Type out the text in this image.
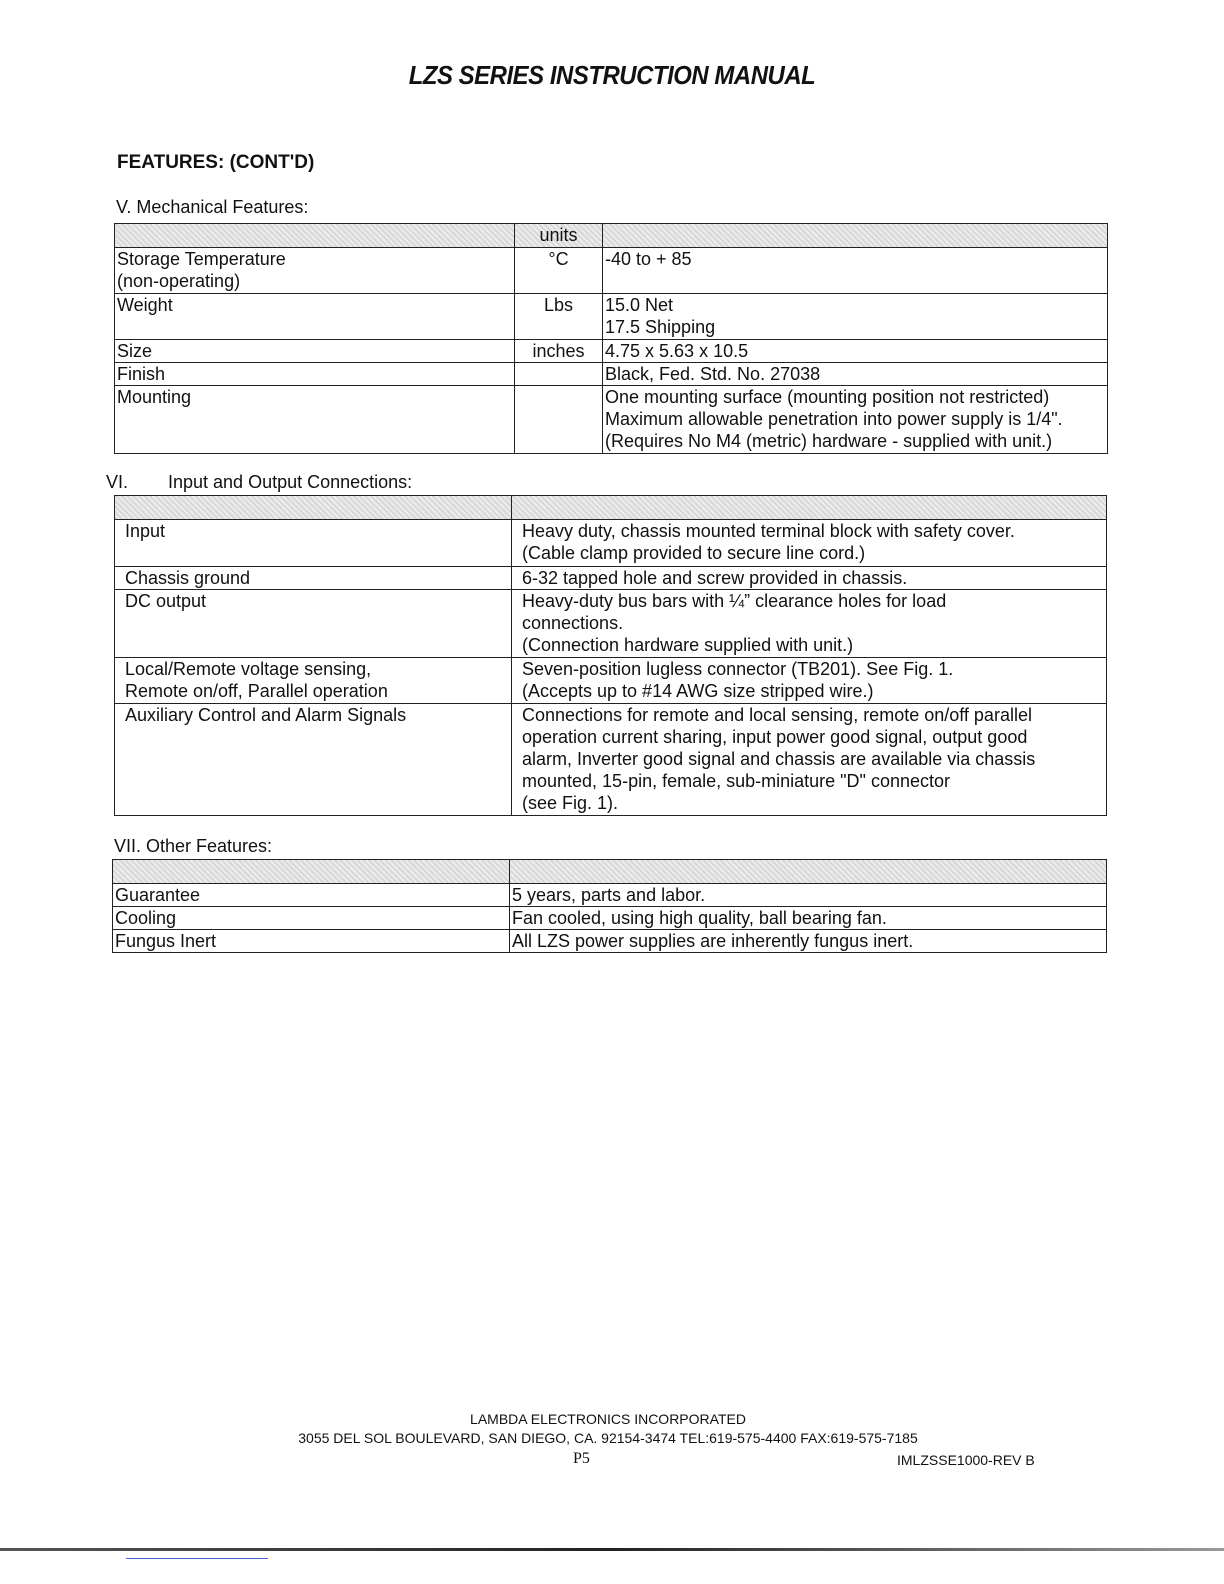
LZS SERIES INSTRUCTION MANUAL
FEATURES: (CONT'D)
V. Mechanical Features:
	units	
Storage Temperature
(non-operating)	°C	-40 to + 85
Weight	Lbs	15.0 Net
17.5 Shipping
Size	inches	4.75 x 5.63 x 10.5
Finish		Black, Fed. Std. No. 27038
Mounting		One mounting surface (mounting position not restricted)
Maximum allowable penetration into power supply is 1/4".
(Requires No M4 (metric) hardware - supplied with unit.)
VI. Input and Output Connections:

Input	Heavy duty, chassis mounted terminal block with safety cover.
(Cable clamp provided to secure line cord.)
Chassis ground	6-32 tapped hole and screw provided in chassis.
DC output	Heavy-duty bus bars with ¼” clearance holes for load
connections.
(Connection hardware supplied with unit.)
Local/Remote voltage sensing,
Remote on/off, Parallel operation	Seven-position lugless connector (TB201). See Fig. 1.
(Accepts up to #14 AWG size stripped wire.)
Auxiliary Control and Alarm Signals	Connections for remote and local sensing, remote on/off parallel
operation current sharing, input power good signal, output good
alarm, Inverter good signal and chassis are available via chassis
mounted, 15-pin, female, sub-miniature "D" connector
(see Fig. 1).
VII. Other Features:

Guarantee	5 years, parts and labor.
Cooling	Fan cooled, using high quality, ball bearing fan.
Fungus Inert	All LZS power supplies are inherently fungus inert.
LAMBDA ELECTRONICS INCORPORATED
3055 DEL SOL BOULEVARD, SAN DIEGO, CA. 92154-3474 TEL:619-575-4400 FAX:619-575-7185
P5	IMLZSSE1000-REV B
